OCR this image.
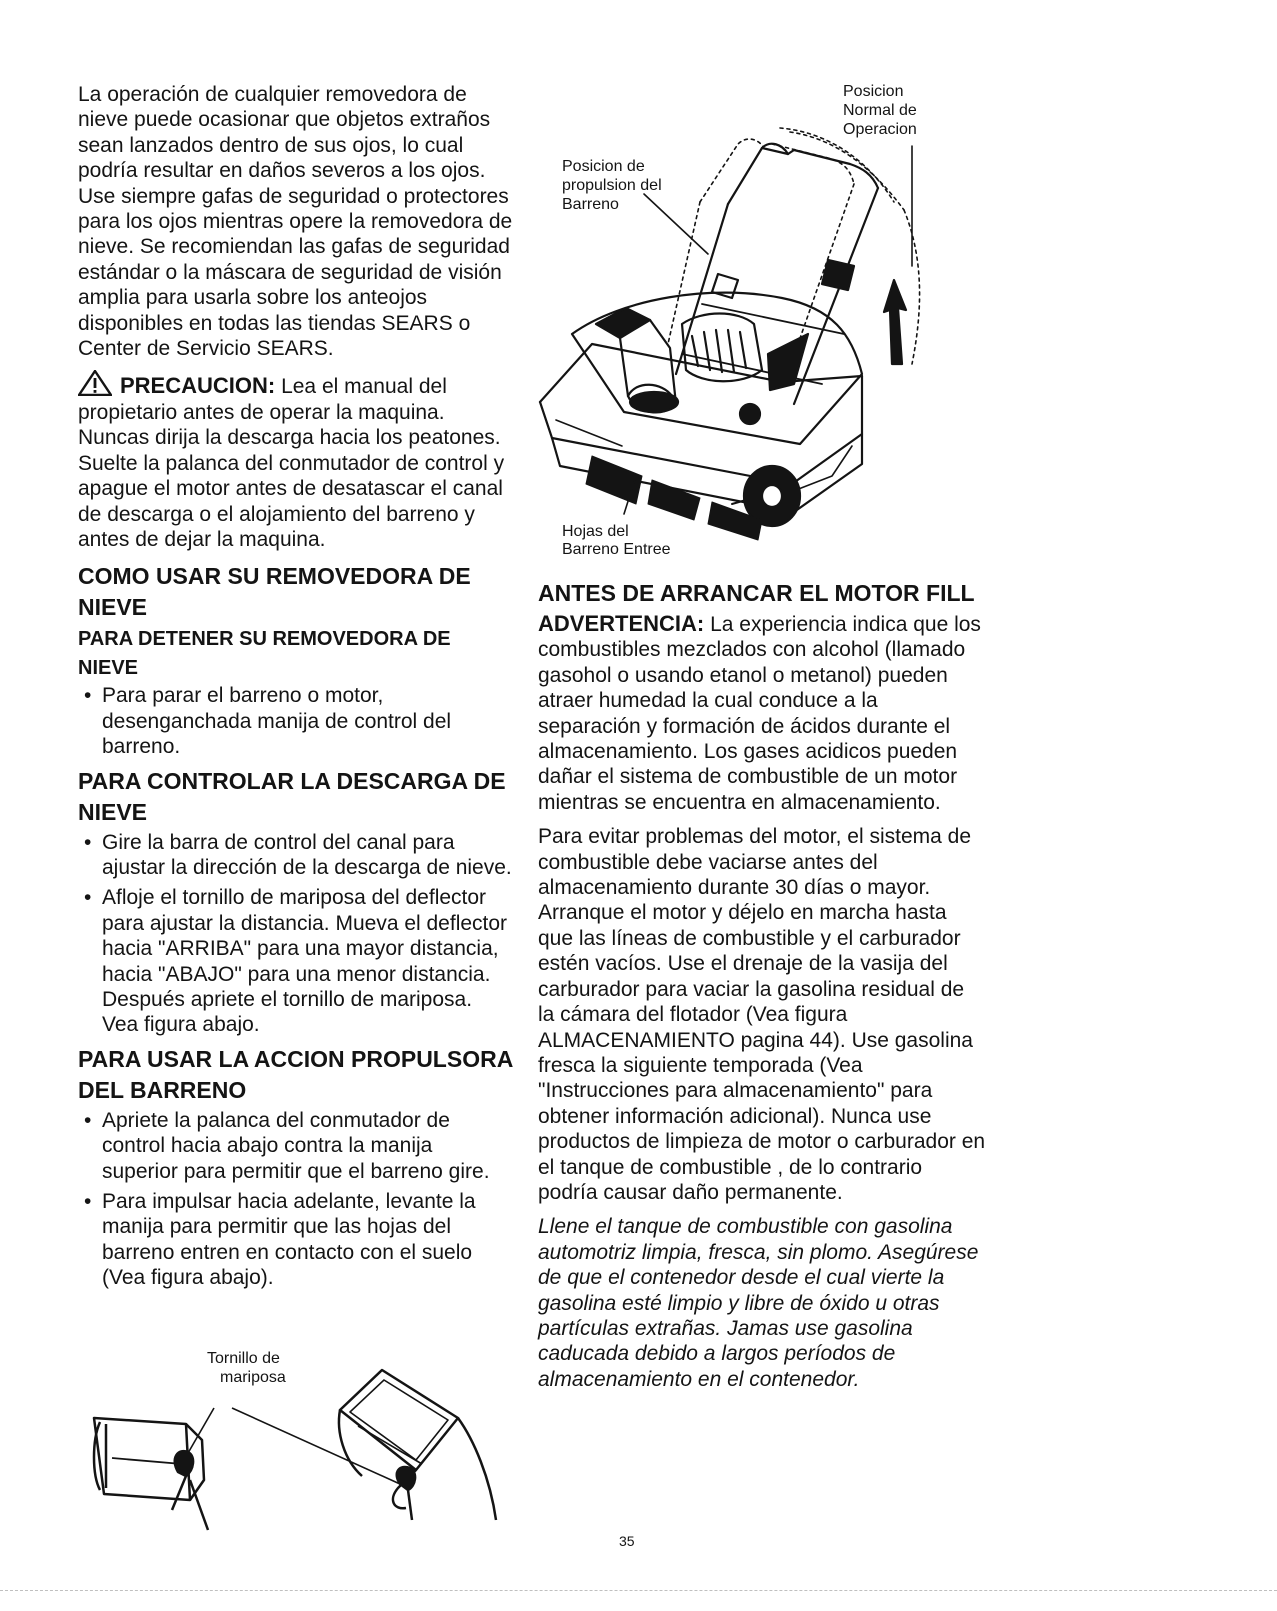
La operación de cualquier removedora de nieve puede ocasionar que objetos extraños sean lanzados dentro de sus ojos, lo cual podría resultar en daños severos a los ojos. Use siempre gafas de seguridad o protectores para los ojos mientras opere la removedora de nieve. Se recomiendan las gafas de seguridad estándar o la máscara de seguridad de visión amplia para usarla sobre los anteojos disponibles en todas las tiendas SEARS o Center de Servicio SEARS.

PRECAUCION: Lea el manual del propietario antes de operar la maquina. Nuncas dirija la descarga hacia los peatones. Suelte la palanca del conmutador de control y apague el motor antes de desatascar el canal de descarga o el alojamiento del barreno y antes de dejar la maquina.

COMO USAR SU REMOVEDORA DE NIEVE
PARA DETENER SU REMOVEDORA DE NIEVE
• Para parar el barreno o motor, desenganchada manija de control del barreno.
PARA CONTROLAR LA DESCARGA DE NIEVE
• Gire la barra de control del canal para ajustar la dirección de la descarga de nieve.
• Afloje el tornillo de mariposa del deflector para ajustar la distancia. Mueva el deflector hacia "ARRIBA" para una mayor distancia, hacia "ABAJO" para una menor distancia. Después apriete el tornillo de mariposa. Vea figura abajo.
PARA USAR LA ACCION PROPULSORA DEL BARRENO
• Apriete la palanca del conmutador de control hacia abajo contra la manija superior para permitir que el barreno gire.
• Para impulsar hacia adelante, levante la manija para permitir que las hojas del barreno entren en contacto con el suelo (Vea figura abajo).
Tornillo de
mariposa
Posicion
Normal de
Operacion
Posicion de
propulsion del
Barreno
Hojas del
Barreno Entree
ANTES DE ARRANCAR EL MOTOR FILL

ADVERTENCIA: La experiencia indica que los combustibles mezclados con alcohol (llamado gasohol o usando etanol o metanol) pueden atraer humedad la cual conduce a la separación y formación de ácidos durante el almacenamiento. Los gases acidicos pueden dañar el sistema de combustible de un motor mientras se encuentra en almacenamiento.

Para evitar problemas del motor, el sistema de combustible debe vaciarse antes del almacenamiento durante 30 días o mayor. Arranque el motor y déjelo en marcha hasta que las líneas de combustible y el carburador estén vacíos. Use el drenaje de la vasija del carburador para vaciar la gasolina residual de la cámara del flotador (Vea figura ALMACENAMIENTO pagina 44). Use gasolina fresca la siguiente temporada (Vea "Instrucciones para almacenamiento" para obtener información adicional). Nunca use productos de limpieza de motor o carburador en el tanque de combustible , de lo contrario podría causar daño permanente.

Llene el tanque de combustible con gasolina automotriz limpia, fresca, sin plomo. Asegúrese de que el contenedor desde el cual vierte la gasolina esté limpio y libre de óxido u otras partículas extrañas. Jamas use gasolina caducada debido a largos períodos de almacenamiento en el contenedor.

35
